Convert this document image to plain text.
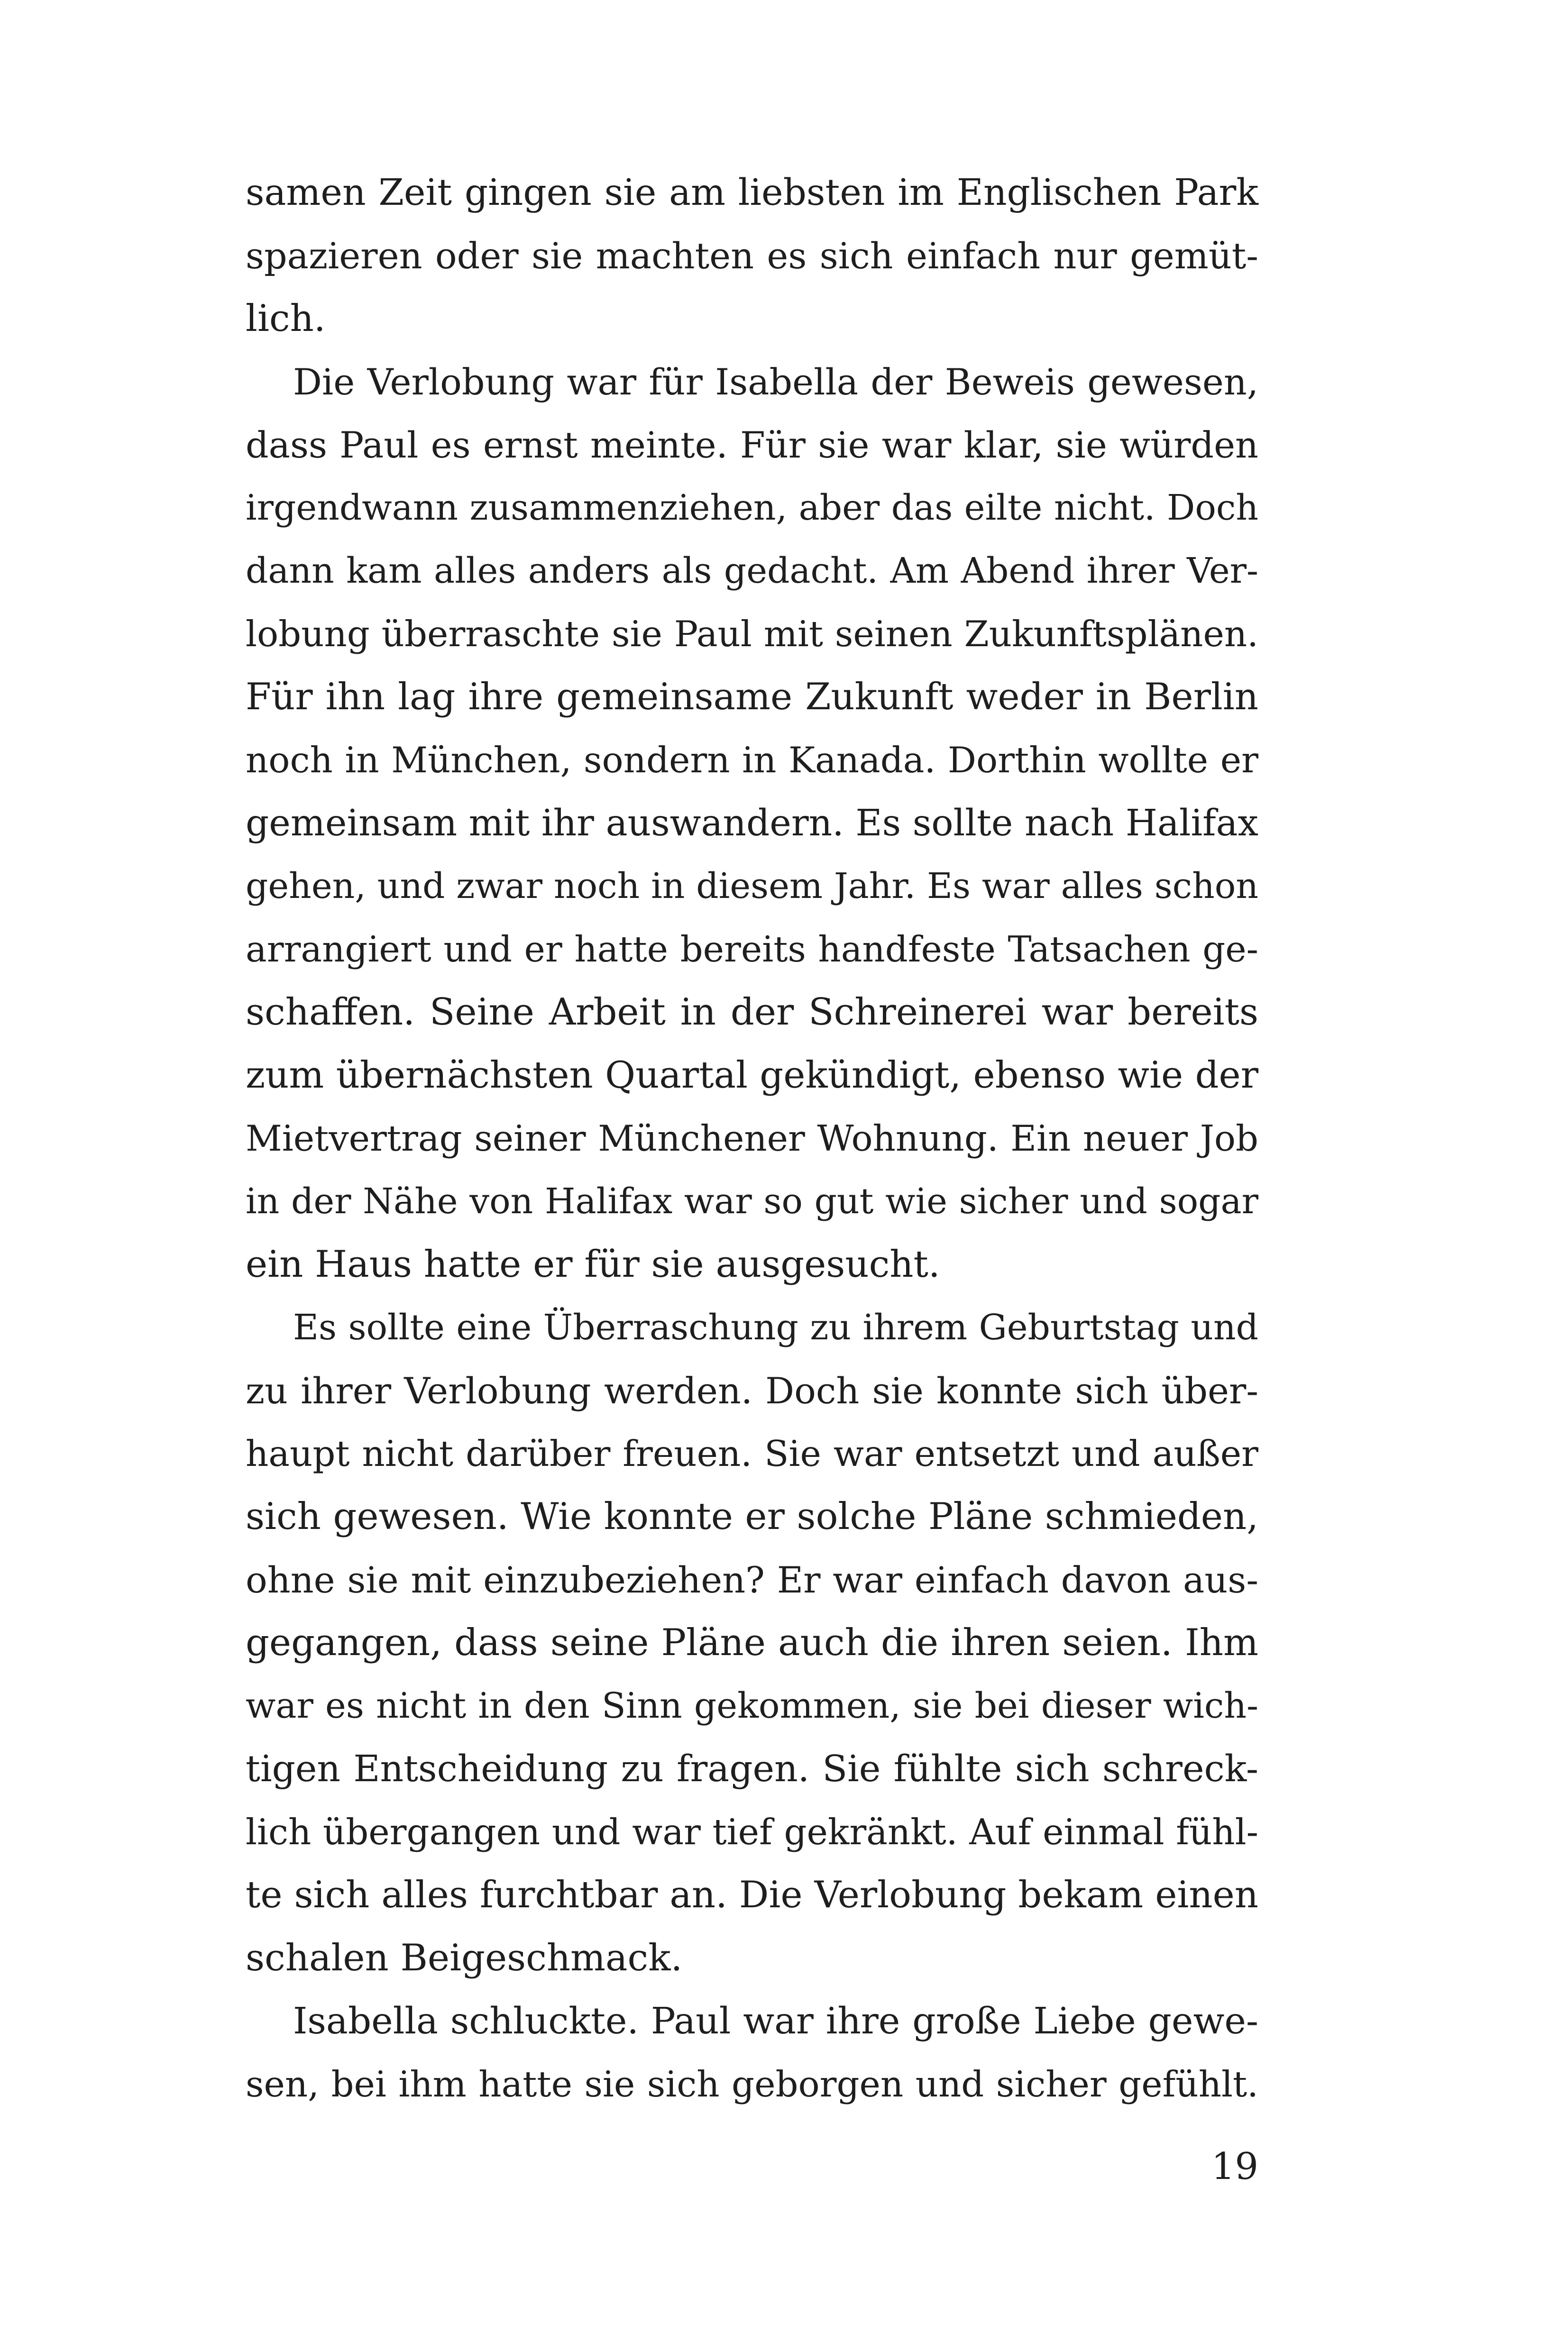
samen Zeit gingen sie am liebsten im Englischen Park
spazieren oder sie machten es sich einfach nur gemüt-
lich.
Die Verlobung war für Isabella der Beweis gewesen,
dass Paul es ernst meinte. Für sie war klar, sie würden
irgendwann zusammenziehen, aber das eilte nicht. Doch
dann kam alles anders als gedacht. Am Abend ihrer Ver-
lobung überraschte sie Paul mit seinen Zukunftsplänen.
Für ihn lag ihre gemeinsame Zukunft weder in Berlin
noch in München, sondern in Kanada. Dorthin wollte er
gemeinsam mit ihr auswandern. Es sollte nach Halifax
gehen, und zwar noch in diesem Jahr. Es war alles schon
arrangiert und er hatte bereits handfeste Tatsachen ge-
schaffen. Seine Arbeit in der Schreinerei war bereits
zum übernächsten Quartal gekündigt, ebenso wie der
Mietvertrag seiner Münchener Wohnung. Ein neuer Job
in der Nähe von Halifax war so gut wie sicher und sogar
ein Haus hatte er für sie ausgesucht.
Es sollte eine Überraschung zu ihrem Geburtstag und
zu ihrer Verlobung werden. Doch sie konnte sich über-
haupt nicht darüber freuen. Sie war entsetzt und außer
sich gewesen. Wie konnte er solche Pläne schmieden,
ohne sie mit einzubeziehen? Er war einfach davon aus-
gegangen, dass seine Pläne auch die ihren seien. Ihm
war es nicht in den Sinn gekommen, sie bei dieser wich-
tigen Entscheidung zu fragen. Sie fühlte sich schreck-
lich übergangen und war tief gekränkt. Auf einmal fühl-
te sich alles furchtbar an. Die Verlobung bekam einen
schalen Beigeschmack.
Isabella schluckte. Paul war ihre große Liebe gewe-
sen, bei ihm hatte sie sich geborgen und sicher gefühlt.
19
